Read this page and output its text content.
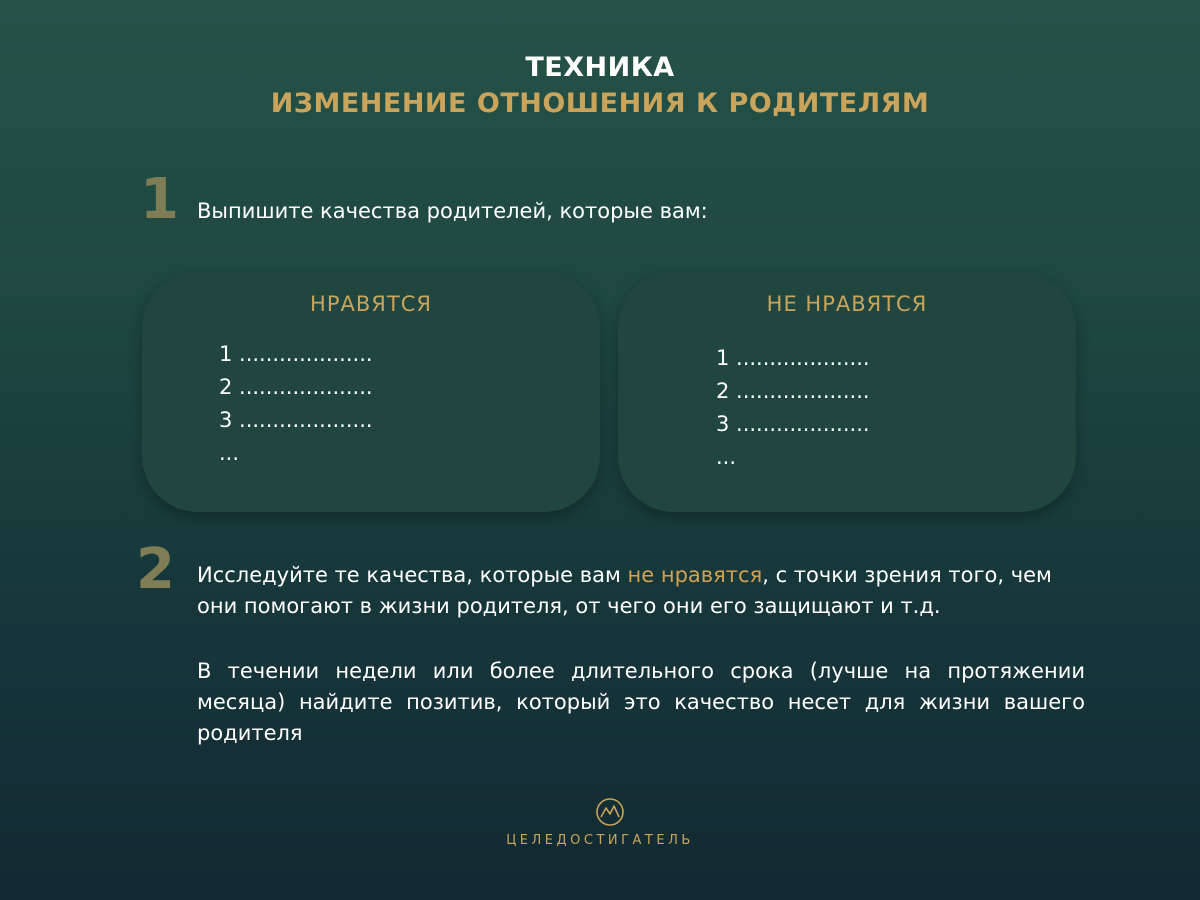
ТЕХНИКА
ИЗМЕНЕНИЕ ОТНОШЕНИЯ К РОДИТЕЛЯМ
1 Выпишите качества родителей, которые вам:
НРАВЯТСЯ
1 ....................
2 ....................
3 ....................
...
НЕ НРАВЯТСЯ
1 ....................
2 ....................
3 ....................
...
2 Исследуйте те качества, которые вам не нравятся, с точки зрения того, чем они помогают в жизни родителя, от чего они его защищают и т.д.

В течении недели или более длительного срока (лучше на протяжении месяца) найдите позитив, который это качество несет для жизни вашего родителя

ЦЕЛЕДОСТИГАТЕЛЬ
